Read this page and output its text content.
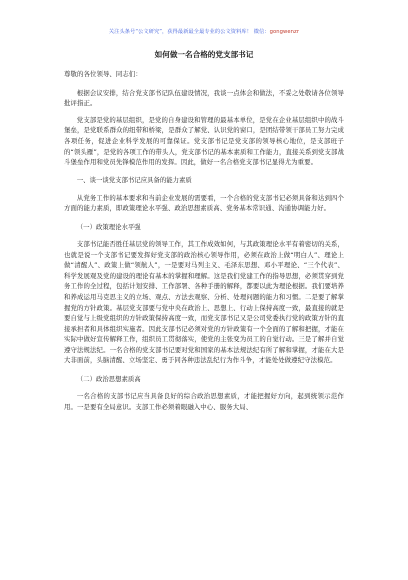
关注头条号“公文研究”，获得最新最全最专业的公文资料库！ 微信：gongwenzr
如何做一名合格的党支部书记

尊敬的各位领导、同志们：

根据会议安排，结合党支部书记队伍建设情况，我谈一点体会和做法，不妥之处敬请各位领导批评指正。

党支部是党的基层组织，是党的自身建设和管理的最基本单位，是党在企业基层组织中的战斗堡垒，是党联系群众的纽带和桥梁，是群众了解党、认识党的窗口，是团结带领干部员工努力完成各项任务，促进企业科学发展的可靠保证。党支部书记是党支部的领导核心地位，是支部班子的“领头雁”，是党的各项工作的带头人，党支部书记的基本素质和工作能力，直接关系到党支部战斗堡垒作用和党员先锋模范作用的发挥。因此，做好一名合格党支部书记显得尤为重要。

一、谈一谈党支部书记应具备的能力素质

从党务工作的基本要求和当前企业发展的需要看，一个合格的党支部书记必须具备和达到四个方面的能力素质，即政策理论水平强、政治思想素质高、党务基本常识通、沟通协调能力好。

（一）政策理论水平强

支部书记能否胜任基层党的领导工作，其工作成效如何，与其政策理论水平有着密切的关系，也就是说一个支部书记要发挥好党支部的政治核心领导作用，必须在政治上做“明白人”、理论上做“清醒人”、政策上做“领航人”，一是要对马列主义、毛泽东思想、邓小平理论、“三个代表”、科学发展观及党的建设的理论有基本的掌握和理解。这是我们党建工作的指导思想，必须贯穿到党务工作的全过程，包括计划安排、工作部署、各种手册的解释，都要以此为理论根据。我们要培养和养成运用马克思主义的立场、观点、方法去观察、分析、处理问题的能力和习惯。二是要了解掌握党的方针政策。基层党支部要与党中央在政治上、思想上、行动上保持高度一致，最直接的就是要自觉与上级党组织的方针政策保持高度一致，而党支部书记又是公司党委执行党的政策方针的直接承担者和具体组织实施者。因此支部书记必须对党的方针政策有一个全面的了解和把握，才能在实际中做好宣传解释工作，组织员工贯彻落实，使党的主张变为员工的自觉行动。三是了解并自觉遵守法规法纪。一名合格的党支部书记要对党和国家的基本法规法纪有所了解和掌握，才能在大是大非面前，头脑清醒、立场坚定、勇于同各种违法乱纪行为作斗争，才能处处做遵纪守法模范。

（二）政治思想素质高

一名合格的支部书记应当具备良好的综合政治思想素质，才能把握好方向，起到统领示范作用。一是要有全局意识。支部工作必须着眼融入中心、服务大局、
